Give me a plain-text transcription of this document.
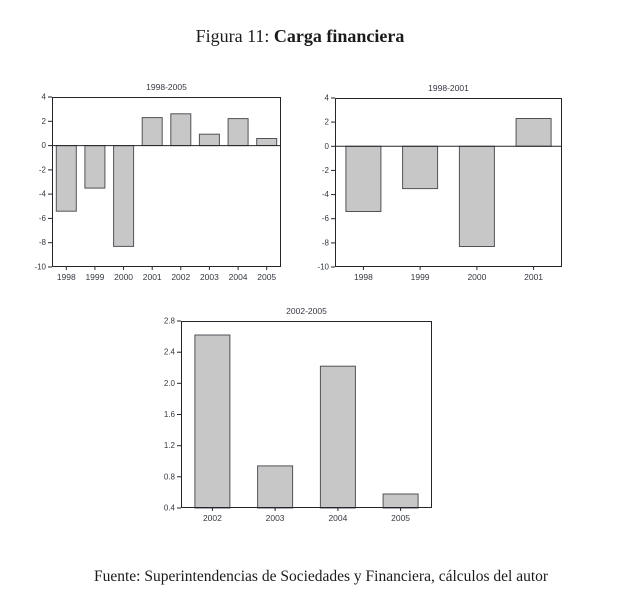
Figura 11: Carga financiera
4
2
0
-2
-4
-6
-8
-10
1998 1999 2000 2001 2002 2003 2004 2005
1998-2005
4
2
0
-2
-4
-6
-8
-10
1998	1999	2000	2001
1998-2001
2.8
2.4
2.0
1.6
1.2
0.8
0.4
2002	2003	2004	2005
2002-2005
Fuente: Superintendencias de Sociedades y Financiera, cálculos del autor
